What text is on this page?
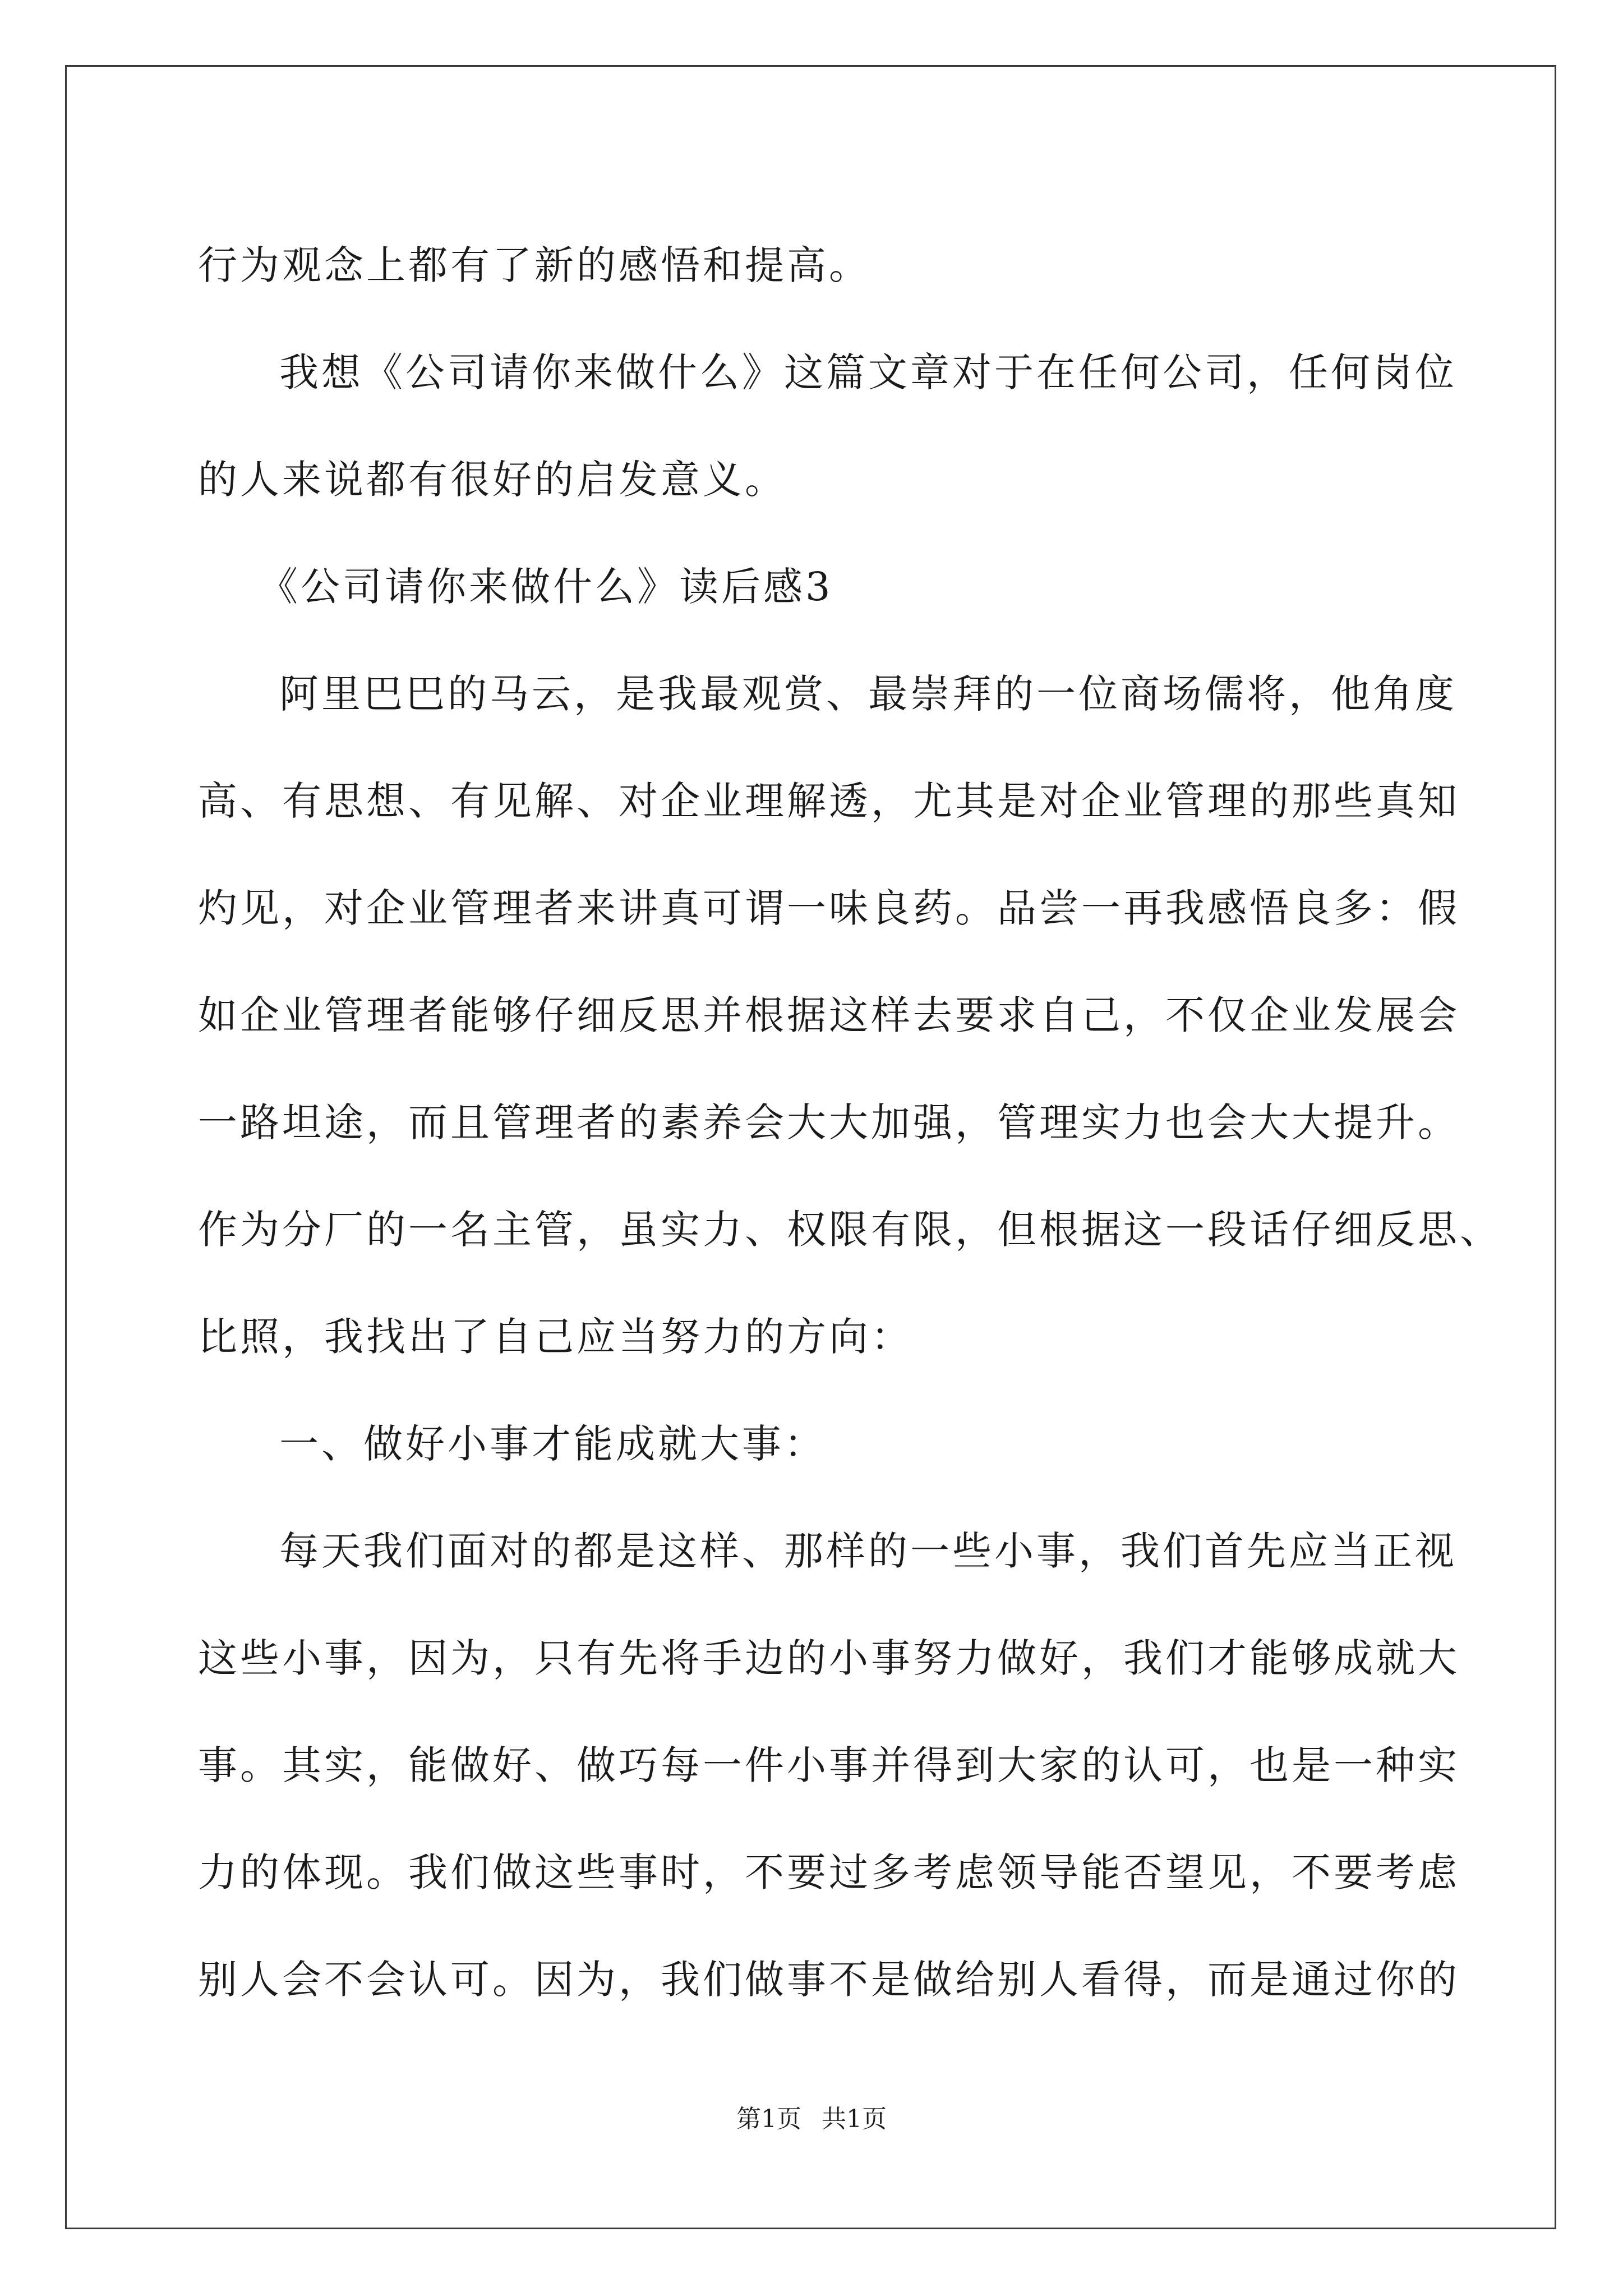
行为观念上都有了新的感悟和提高。
我想《公司请你来做什么》这篇文章对于在任何公司，任何岗位
的人来说都有很好的启发意义。
《公司请你来做什么》读后感3
阿里巴巴的马云，是我最观赏、最崇拜的一位商场儒将，他角度
高、有思想、有见解、对企业理解透，尤其是对企业管理的那些真知
灼见，对企业管理者来讲真可谓一味良药。品尝一再我感悟良多：假
如企业管理者能够仔细反思并根据这样去要求自己，不仅企业发展会
一路坦途，而且管理者的素养会大大加强，管理实力也会大大提升。
作为分厂的一名主管，虽实力、权限有限，但根据这一段话仔细反思、
比照，我找出了自己应当努力的方向：
一、做好小事才能成就大事：
每天我们面对的都是这样、那样的一些小事，我们首先应当正视
这些小事，因为，只有先将手边的小事努力做好，我们才能够成就大
事。其实，能做好、做巧每一件小事并得到大家的认可，也是一种实
力的体现。我们做这些事时，不要过多考虑领导能否望见，不要考虑
别人会不会认可。因为，我们做事不是做给别人看得，而是通过你的
第1页 共1页
